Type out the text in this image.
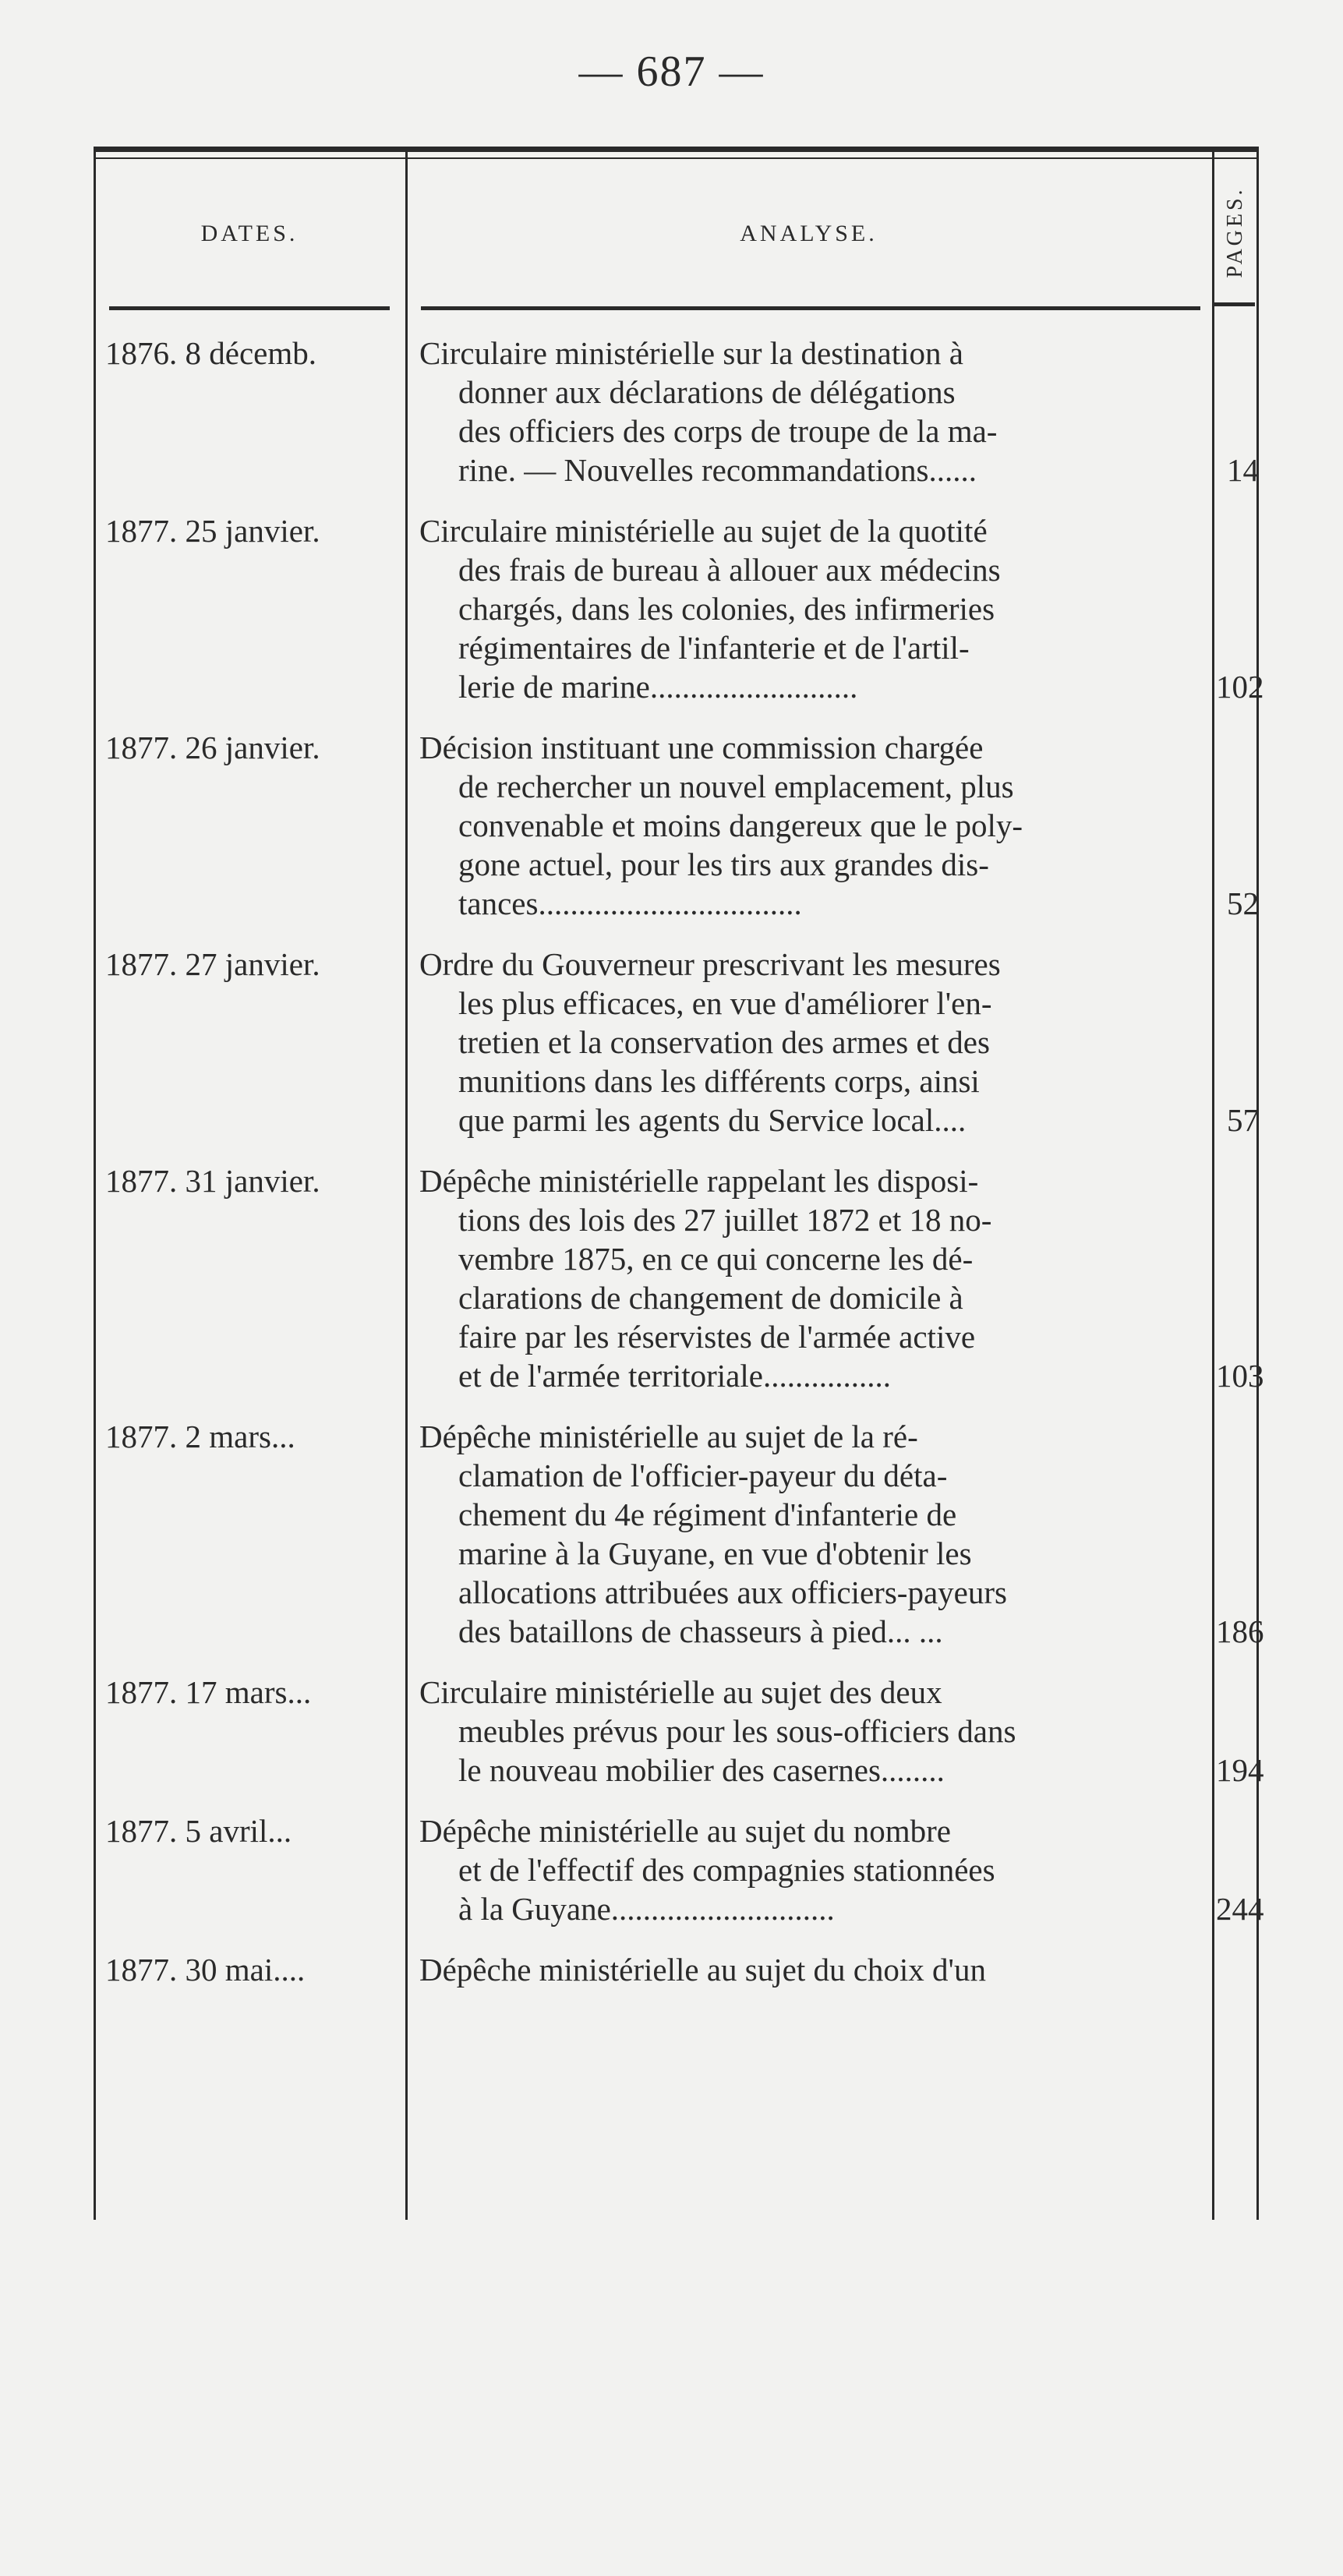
— 687 —
DATES.	ANALYSE.	PAGES.
1876. 8 décemb.	Circulaire ministérielle sur la destination à
donner aux déclarations de délégations
des officiers des corps de troupe de la ma-
rine. — Nouvelles recommandations......	14
1877. 25 janvier.	Circulaire ministérielle au sujet de la quotité
des frais de bureau à allouer aux médecins
chargés, dans les colonies, des infirmeries
régimentaires de l'infanterie et de l'artil-
lerie de marine..........................	102
1877. 26 janvier.	Décision instituant une commission chargée
de rechercher un nouvel emplacement, plus
convenable et moins dangereux que le poly-
gone actuel, pour les tirs aux grandes dis-
tances.................................	52
1877. 27 janvier.	Ordre du Gouverneur prescrivant les mesures
les plus efficaces, en vue d'améliorer l'en-
tretien et la conservation des armes et des
munitions dans les différents corps, ainsi
que parmi les agents du Service local....	57
1877. 31 janvier.	Dépêche ministérielle rappelant les disposi-
tions des lois des 27 juillet 1872 et 18 no-
vembre 1875, en ce qui concerne les dé-
clarations de changement de domicile à
faire par les réservistes de l'armée active
et de l'armée territoriale................	103
1877. 2 mars...	Dépêche ministérielle au sujet de la ré-
clamation de l'officier-payeur du déta-
chement du 4e régiment d'infanterie de
marine à la Guyane, en vue d'obtenir les
allocations attribuées aux officiers-payeurs
des bataillons de chasseurs à pied... ...	186
1877. 17 mars...	Circulaire ministérielle au sujet des deux
meubles prévus pour les sous-officiers dans
le nouveau mobilier des casernes........	194
1877. 5 avril...	Dépêche ministérielle au sujet du nombre
et de l'effectif des compagnies stationnées
à la Guyane............................	244
1877. 30 mai....	Dépêche ministérielle au sujet du choix d'un
